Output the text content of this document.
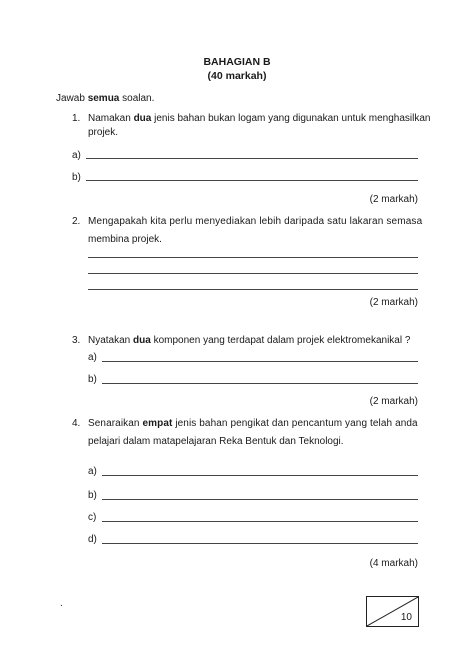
BAHAGIAN B
(40 markah)
Jawab semua soalan.
1. Namakan dua jenis bahan bukan logam yang digunakan untuk menghasilkan
projek.
a)
b)
(2 markah)
2. Mengapakah kita perlu menyediakan lebih daripada satu lakaran semasa
membina projek.
(2 markah)
3. Nyatakan dua komponen yang terdapat dalam projek elektromekanikal ?
a)
b)
(2 markah)
4. Senaraikan empat jenis bahan pengikat dan pencantum yang telah anda
pelajari dalam matapelajaran Reka Bentuk dan Teknologi.
a)
b)
c)
d)
(4 markah)
.
10
